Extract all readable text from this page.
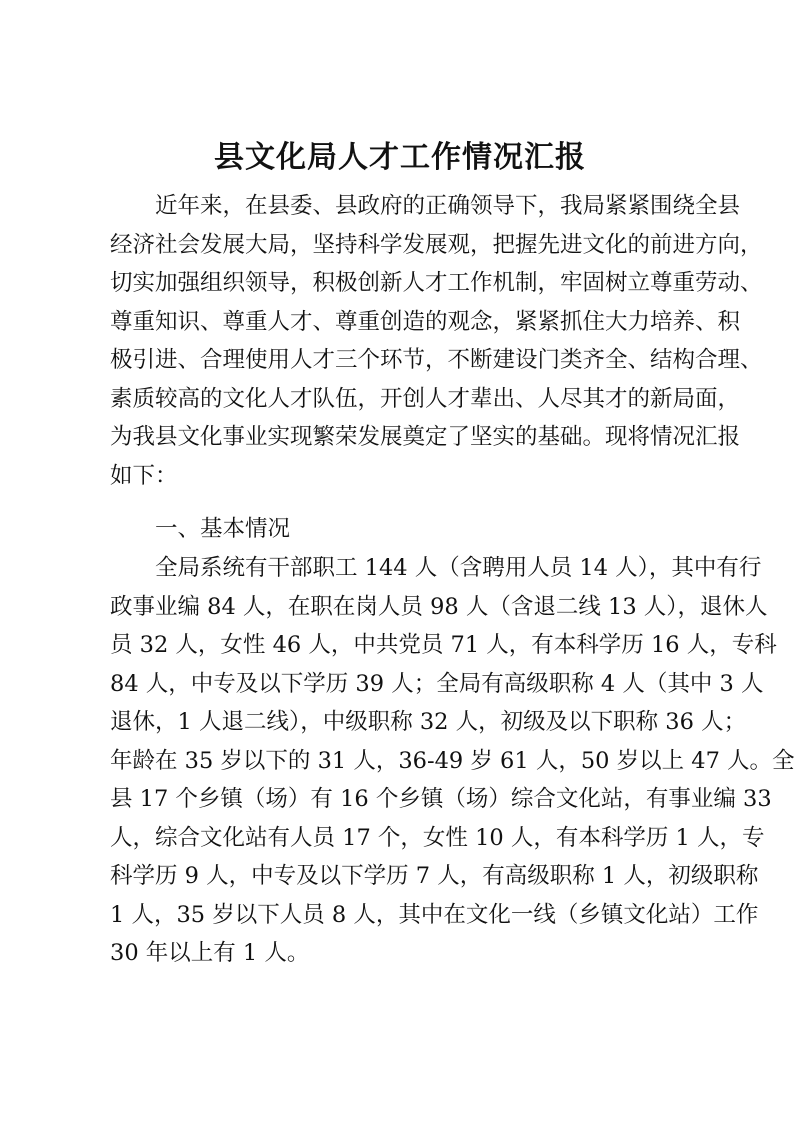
县文化局人才工作情况汇报
近年来，在县委、县政府的正确领导下，我局紧紧围绕全县
经济社会发展大局，坚持科学发展观，把握先进文化的前进方向，
切实加强组织领导，积极创新人才工作机制，牢固树立尊重劳动、
尊重知识、尊重人才、尊重创造的观念，紧紧抓住大力培养、积
极引进、合理使用人才三个环节，不断建设门类齐全、结构合理、
素质较高的文化人才队伍，开创人才辈出、人尽其才的新局面，
为我县文化事业实现繁荣发展奠定了坚实的基础。现将情况汇报
如下：

一、基本情况

全局系统有干部职工 144 人（含聘用人员 14 人），其中有行
政事业编 84 人，在职在岗人员 98 人（含退二线 13 人），退休人
员 32 人，女性 46 人，中共党员 71 人，有本科学历 16 人，专科
84 人，中专及以下学历 39 人；全局有高级职称 4 人（其中 3 人
退休，1 人退二线），中级职称 32 人，初级及以下职称 36 人；
年龄在 35 岁以下的 31 人，36-49 岁 61 人，50 岁以上 47 人。全
县 17 个乡镇（场）有 16 个乡镇（场）综合文化站，有事业编 33
人，综合文化站有人员 17 个，女性 10 人，有本科学历 1 人，专
科学历 9 人，中专及以下学历 7 人，有高级职称 1 人，初级职称
1 人，35 岁以下人员 8 人，其中在文化一线（乡镇文化站）工作
30 年以上有 1 人。
